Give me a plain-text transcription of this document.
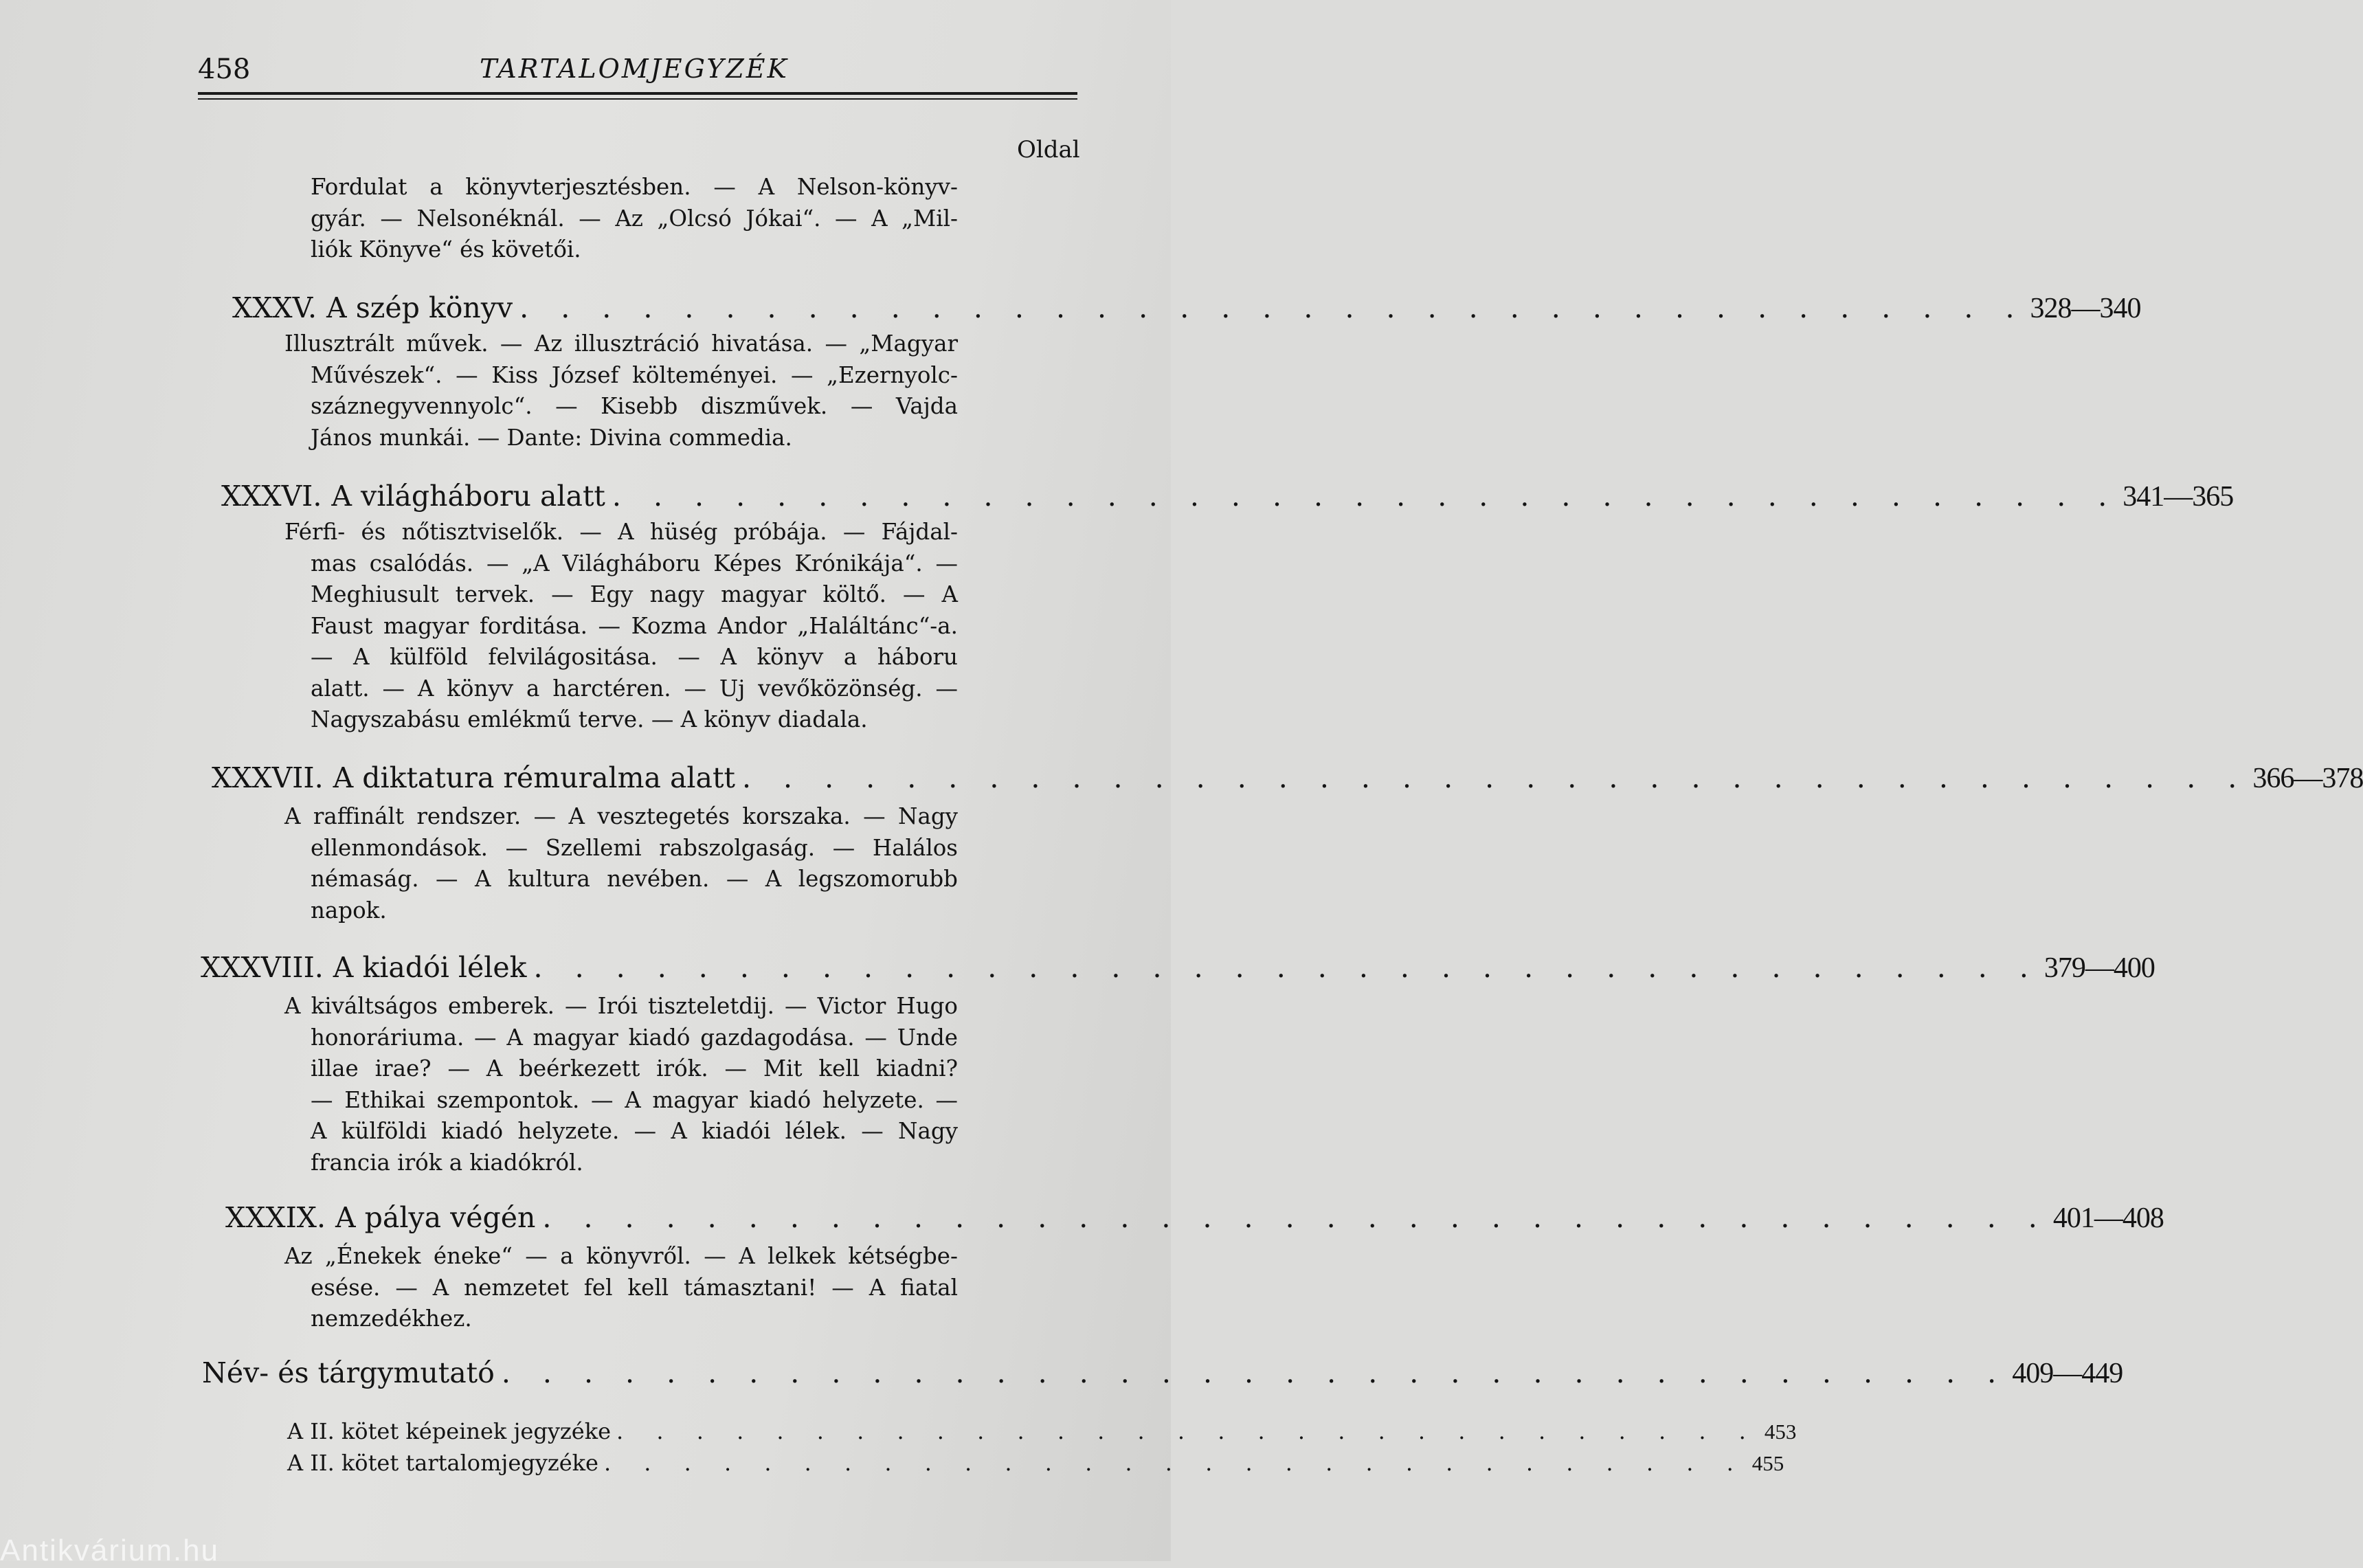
458	TARTALOMJEGYZÉK
Oldal
Fordulat a könyvterjesztésben. — A Nelson-könyv-
gyár. — Nelsonéknál. — Az „Olcsó Jókai“. — A „Mil-
liók Könyve“ és követői.
XXXV. A szép könyv . . . . . . . . . . . . . . . . . . . . . . . . . . . . . . . . . . . . . 328—340
Illusztrált művek. — Az illusztráció hivatása. — „Magyar
Művészek“. — Kiss József költeményei. — „Ezernyolc-
száznegyvennyolc“. — Kisebb diszművek. — Vajda
János munkái. — Dante: Divina commedia.
XXXVI. A világháboru alatt . . . . . . . . . . . . . . . . . . . . . . . . . . . . . . . . . . . . . 341—365
Férfi- és nőtisztviselők. — A hüség próbája. — Fájdal-
mas csalódás. — „A Világháboru Képes Krónikája“. —
Meghiusult tervek. — Egy nagy magyar költő. — A
Faust magyar forditása. — Kozma Andor „Haláltánc“-a.
— A külföld felvilágositása. — A könyv a háboru
alatt. — A könyv a harctéren. — Uj vevőközönség. —
Nagyszabásu emlékmű terve. — A könyv diadala.
XXXVII. A diktatura rémuralma alatt . . . . . . . . . . . . . . . . . . . . . . . . . . . . . . . . . . . . . 366—378
A raffinált rendszer. — A vesztegetés korszaka. — Nagy
ellenmondások. — Szellemi rabszolgaság. — Halálos
némaság. — A kultura nevében. — A legszomorubb
napok.
XXXVIII. A kiadói lélek . . . . . . . . . . . . . . . . . . . . . . . . . . . . . . . . . . . . . 379—400
A kiváltságos emberek. — Irói tiszteletdij. — Victor Hugo
honoráriuma. — A magyar kiadó gazdagodása. — Unde
illae irae? — A beérkezett irók. — Mit kell kiadni?
— Ethikai szempontok. — A magyar kiadó helyzete. —
A külföldi kiadó helyzete. — A kiadói lélek. — Nagy
francia irók a kiadókról.
XXXIX. A pálya végén . . . . . . . . . . . . . . . . . . . . . . . . . . . . . . . . . . . . . 401—408
Az „Énekek éneke“ — a könyvről. — A lelkek kétségbe-
esése. — A nemzetet fel kell támasztani! — A fiatal
nemzedékhez.
Név- és tárgymutató . . . . . . . . . . . . . . . . . . . . . . . . . . . . . . . . . . . . . 409—449
A II. kötet képeinek jegyzéke . . . . . . . . . . . . . . . . . . . . . . . . . . . . . 453
A II. kötet tartalomjegyzéke . . . . . . . . . . . . . . . . . . . . . . . . . . . . . 455
Antikvárium.hu
